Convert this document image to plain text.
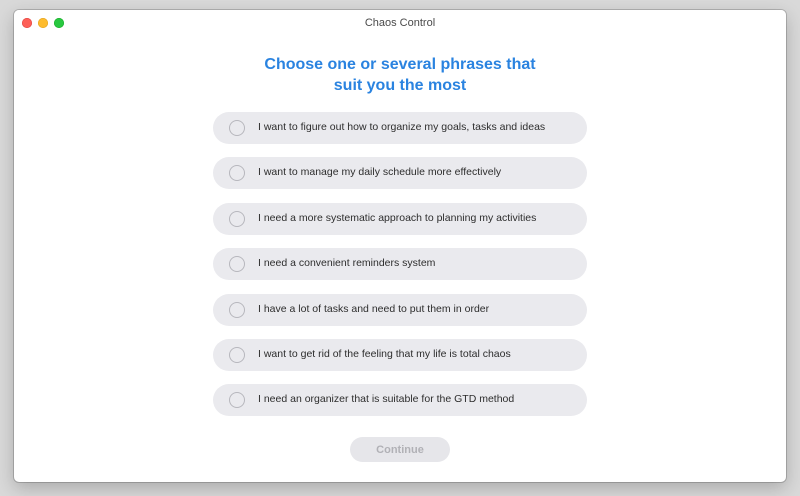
Chaos Control
Choose one or several phrases that
suit you the most
I want to figure out how to organize my goals, tasks and ideas
I want to manage my daily schedule more effectively
I need a more systematic approach to planning my activities
I need a convenient reminders system
I have a lot of tasks and need to put them in order
I want to get rid of the feeling that my life is total chaos
I need an organizer that is suitable for the GTD method
Continue
